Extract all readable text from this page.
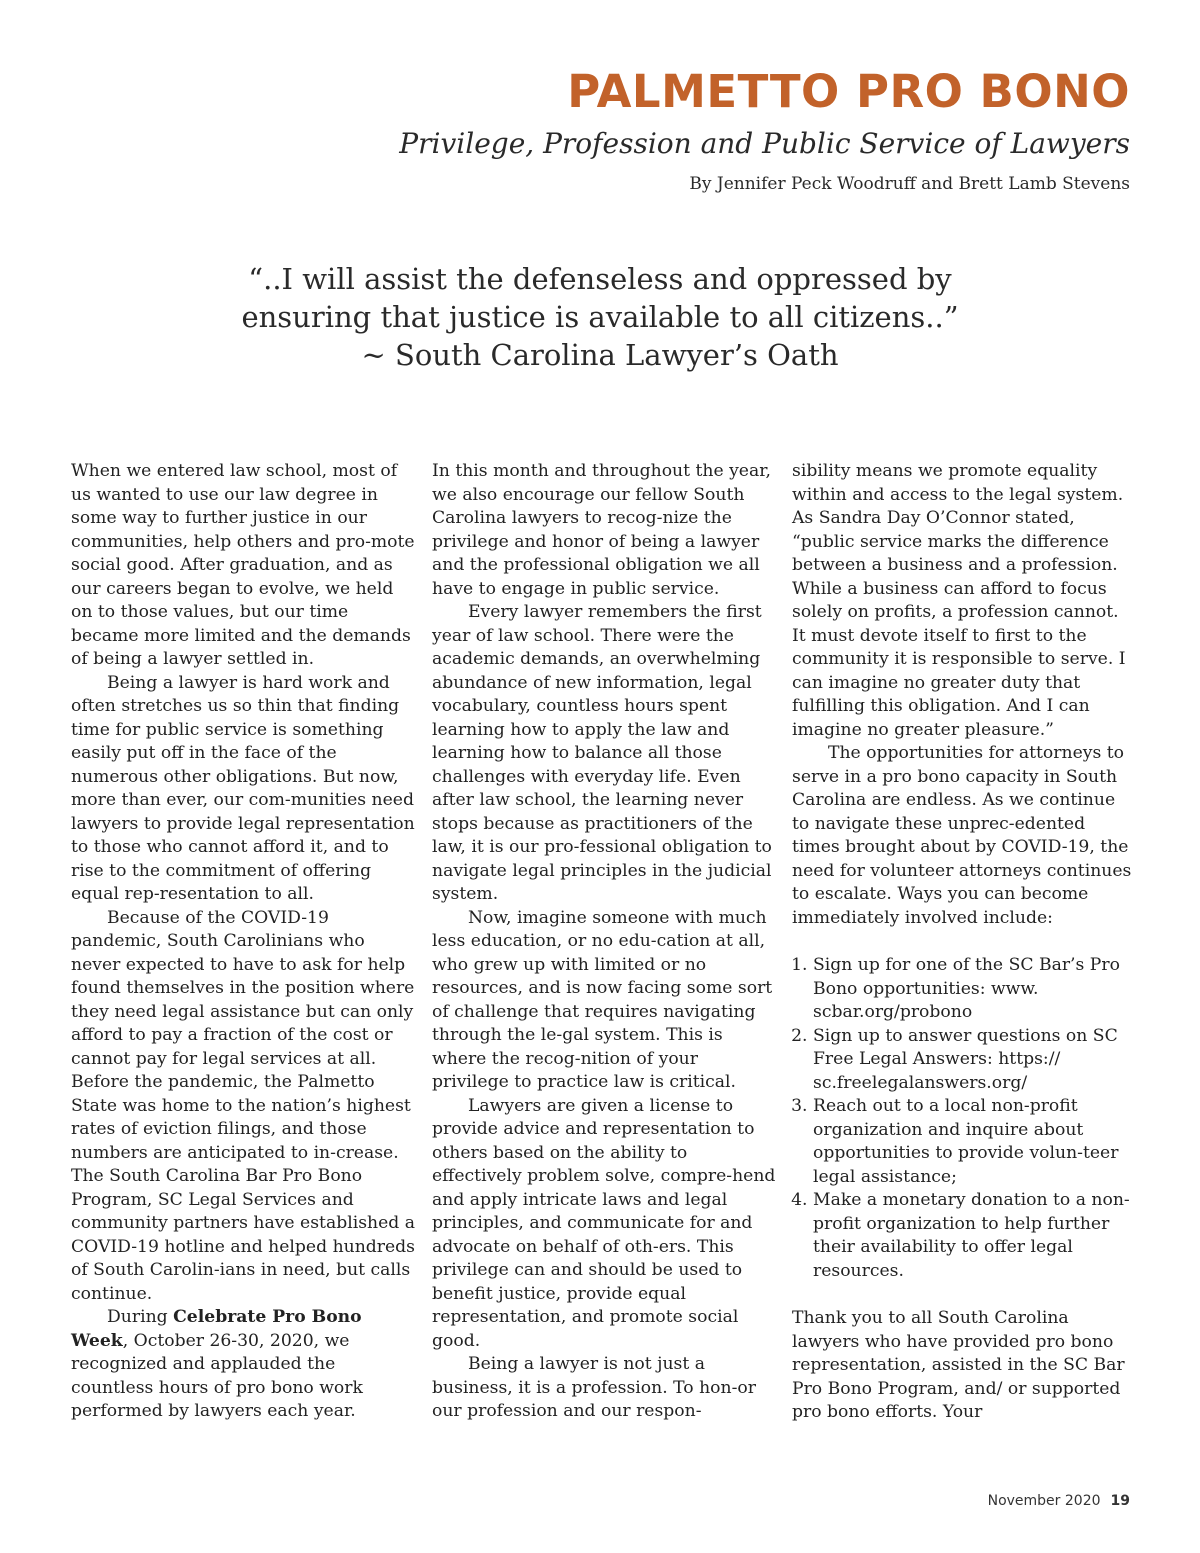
PALMETTO PRO BONO
Privilege, Profession and Public Service of Lawyers
By Jennifer Peck Woodruff and Brett Lamb Stevens
“..I will assist the defenseless and oppressed by
ensuring that justice is available to all citizens..”
~ South Carolina Lawyer’s Oath

When we entered law school, most of us wanted to use our law degree in some way to further justice in our communities, help others and pro-mote social good. After graduation, and as our careers began to evolve, we held on to those values, but our time became more limited and the demands of being a lawyer settled in.

Being a lawyer is hard work and often stretches us so thin that finding time for public service is something easily put off in the face of the numerous other obligations. But now, more than ever, our com-munities need lawyers to provide legal representation to those who cannot afford it, and to rise to the commitment of offering equal rep-resentation to all.

Because of the COVID-19 pandemic, South Carolinians who never expected to have to ask for help found themselves in the position where they need legal assistance but can only afford to pay a fraction of the cost or cannot pay for legal services at all. Before the pandemic, the Palmetto State was home to the nation’s highest rates of eviction filings, and those numbers are anticipated to in-crease. The South Carolina Bar Pro Bono Program, SC Legal Services and community partners have established a COVID-19 hotline and helped hundreds of South Carolin-ians in need, but calls continue.

During Celebrate Pro Bono Week, October 26-30, 2020, we recognized and applauded the countless hours of pro bono work performed by lawyers each year.

In this month and throughout the year, we also encourage our fellow South Carolina lawyers to recog-nize the privilege and honor of being a lawyer and the professional obligation we all have to engage in public service.

Every lawyer remembers the first year of law school. There were the academic demands, an overwhelming abundance of new information, legal vocabulary, countless hours spent learning how to apply the law and learning how to balance all those challenges with everyday life. Even after law school, the learning never stops because as practitioners of the law, it is our pro-fessional obligation to navigate legal principles in the judicial system.

Now, imagine someone with much less education, or no edu-cation at all, who grew up with limited or no resources, and is now facing some sort of challenge that requires navigating through the le-gal system. This is where the recog-nition of your privilege to practice law is critical.

Lawyers are given a license to provide advice and representation to others based on the ability to effectively problem solve, compre-hend and apply intricate laws and legal principles, and communicate for and advocate on behalf of oth-ers. This privilege can and should be used to benefit justice, provide equal representation, and promote social good.

Being a lawyer is not just a business, it is a profession. To hon-or our profession and our respon-

sibility means we promote equality within and access to the legal system. As Sandra Day O’Connor stated, “public service marks the difference between a business and a profession. While a business can afford to focus solely on profits, a profession cannot. It must devote itself to first to the community it is responsible to serve. I can imagine no greater duty that fulfilling this obligation. And I can imagine no greater pleasure.”

The opportunities for attorneys to serve in a pro bono capacity in South Carolina are endless. As we continue to navigate these unprec-edented times brought about by COVID-19, the need for volunteer attorneys continues to escalate. Ways you can become immediately involved include:

1. Sign up for one of the SC Bar’s Pro Bono opportunities: www. scbar.org/probono
2. Sign up to answer questions on SC Free Legal Answers: https:// sc.freelegalanswers.org/
3. Reach out to a local non-profit organization and inquire about opportunities to provide volun-teer legal assistance;
4. Make a monetary donation to a non-profit organization to help further their availability to offer legal resources.

Thank you to all South Carolina lawyers who have provided pro bono representation, assisted in the SC Bar Pro Bono Program, and/ or supported pro bono efforts. Your

November 2020 19
